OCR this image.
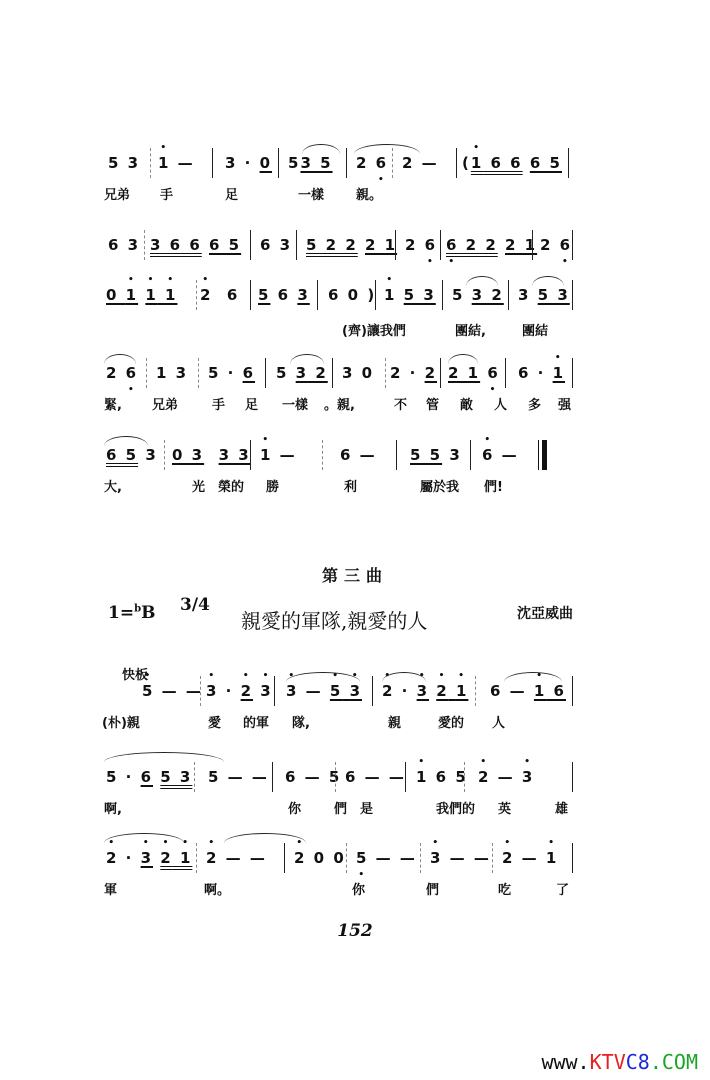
5 3 • 1 — 3 · 0 53 5 2 6 • 2 — (• 1 6 6 6 5
兄弟 手	足	一樣 親。
6 3 3 6 6 6 5 6 3 5 2 2 2 1 2 6 • 6 • 2 2 2 1 2 6 •
0 • 1 • 1 • 1 • 2  6 5 6 3 6 0 ) • 1 5 3 5 3 2 3 5 3
(齊)讓我們	團結,	團結
2 6 • 1 3 5 · 6 5 3 2 3 0 2 · 2 2 1 6 • 6 · • 1
緊, 兄弟	手 足 一樣 。親,	不 管 敵 人 多 强
6 5 3 0 3 3 3 • 1 —	6 — 5 5 3 • 6 —
大,	光 榮的 勝	利	屬於我 們!
第三曲
1=$^b$B 3/4
親愛的軍隊,親愛的人	沈亞威曲
快板
• 5 — — • 3 · • 2 • 3 • 3 — • 5 • 3 • 2 · • 3 • 2 • 1 6 — • 1 6
(朴)親	愛 的軍 隊,	親	愛的 人
5 · 6 5 3 5 — — 6 — 5 6 — — • 1 6 5 • 2 — • 3
啊,	你	們 是	我們的 英	雄
• 2 · • 3 • 2 • 1 • 2 — — • 2 0 0 5 • — — • 3 — — • 2 — • 1
軍	啊。	你	們	吃	了
152
www.KTVC8.COM
